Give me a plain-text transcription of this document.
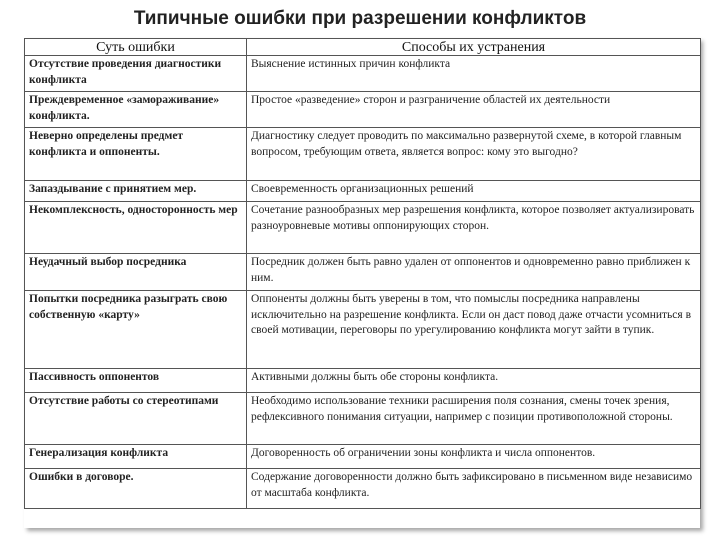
Типичные ошибки при разрешении конфликтов
Суть ошибки	Способы их устранения
Отсутствие проведения диагностики конфликта	Выяснение истинных причин конфликта
Преждевременное «замораживание» конфликта.	Простое «разведение» сторон и разграничение областей их деятельности
Неверно определены предмет конфликта и оппоненты.	Диагностику следует проводить по максимально развернутой схеме, в которой главным вопросом, требующим ответа, является вопрос: кому это выгодно?
Запаздывание с принятием мер.	Своевременность организационных решений
Некомплексность, односторонность мер	Сочетание разнообразных мер разрешения конфликта, которое позволяет актуализировать разноуровневые мотивы оппонирующих сторон.
Неудачный выбор посредника	Посредник должен быть равно удален от оппонентов и одновременно равно приближен к ним.
Попытки посредника разыграть свою собственную «карту»	Оппоненты должны быть уверены в том, что помыслы посредника направлены исключительно на разрешение конфликта. Если он даст повод даже отчасти усомниться в своей мотивации, переговоры по урегулированию конфликта могут зайти в тупик.
Пассивность оппонентов	Активными должны быть обе стороны конфликта.
Отсутствие работы со стереотипами	Необходимо использование техники расширения поля сознания, смены точек зрения, рефлексивного понимания ситуации, например с позиции противоположной стороны.
Генерализация конфликта	Договоренность об ограничении зоны конфликта и числа оппонентов.
Ошибки в договоре.	Содержание договоренности должно быть зафиксировано в письменном виде независимо от масштаба конфликта.
